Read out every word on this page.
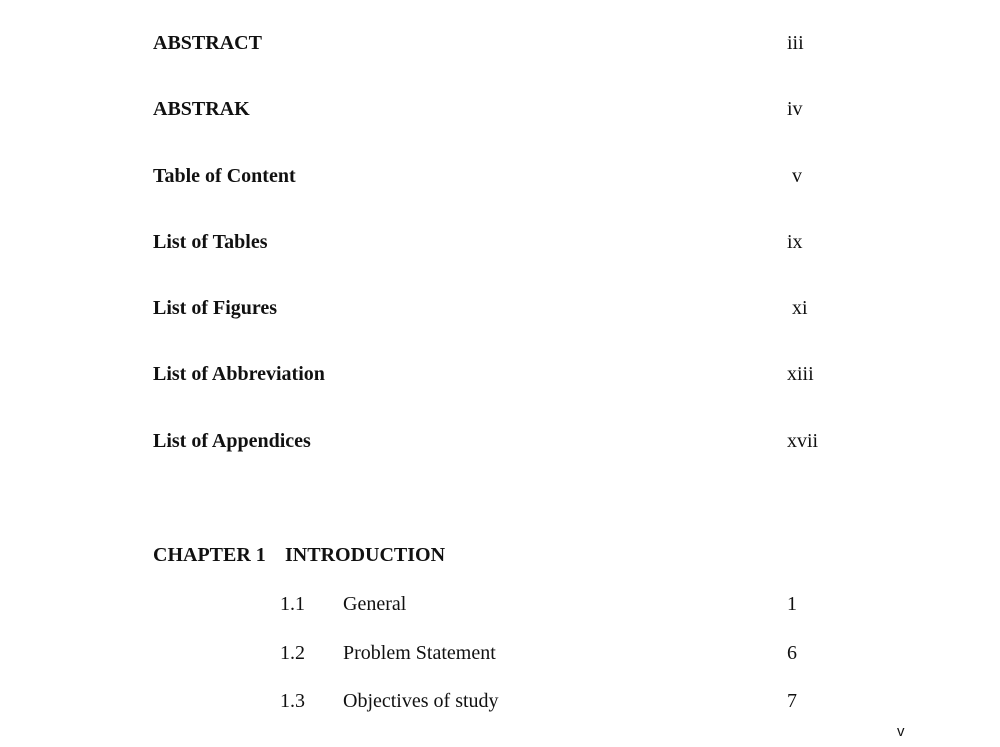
ABSTRACT	iii
ABSTRAK	iv
Table of Content	v
List of Tables	ix
List of Figures	xi
List of Abbreviation	xiii
List of Appendices	xvii
CHAPTER 1 INTRODUCTION
1.1 General	1
1.2 Problem Statement	6
1.3 Objectives of study	7
v
